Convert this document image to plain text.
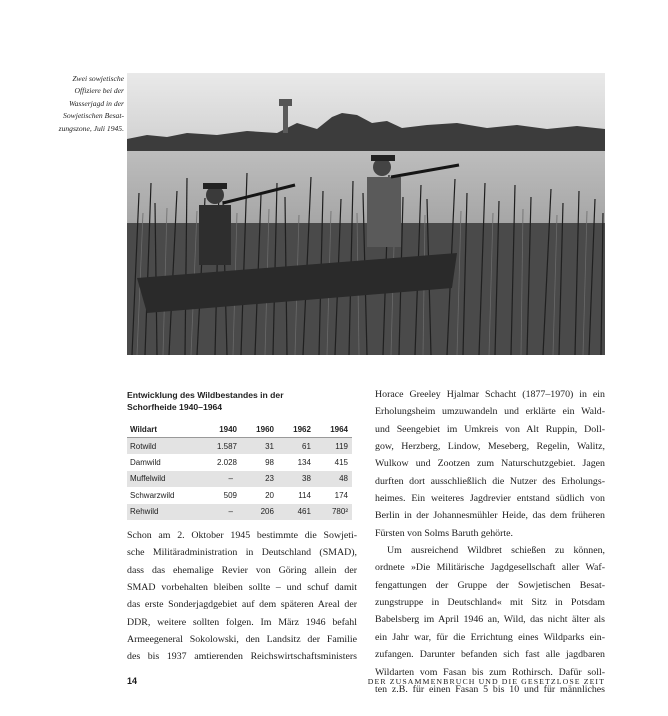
Zwei sowjetische
Offiziere bei der
Wasserjagd in der
Sowjetischen Besat-
zungszone, Juli 1945.
Entwicklung des Wildbestandes in der
Schorfheide 1940–1964
Wildart	1940	1960	1962	1964
Rotwild	1.587	31	61	119
Damwild	2.028	98	134	415
Muffelwild	–	23	38	48
Schwarzwild	509	20	114	174
Rehwild	–	206	461	780²
Schon am 2. Oktober 1945 bestimmte die Sowjeti-
sche Militäradministration in Deutschland (SMAD),
dass das ehemalige Revier von Göring allein der
SMAD vorbehalten bleiben sollte – und schuf damit
das erste Sonderjagdgebiet auf dem späteren Areal der
DDR, weitere sollten folgen. Im März 1946 befahl
Armeegeneral Sokolowski, den Landsitz der Familie
des bis 1937 amtierenden Reichswirtschaftsministers
Horace Greeley Hjalmar Schacht (1877–1970) in ein
Erholungsheim umzuwandeln und erklärte ein Wald-
und Seengebiet im Umkreis von Alt Ruppin, Doll-
gow, Herzberg, Lindow, Meseberg, Regelin, Walitz,
Wulkow und Zootzen zum Naturschutzgebiet. Jagen
durften dort ausschließlich die Nutzer des Erholungs-
heimes. Ein weiteres Jagdrevier entstand südlich von
Berlin in der Johannesmühler Heide, das dem früheren
Fürsten von Solms Baruth gehörte.
Um ausreichend Wildbret schießen zu können,
ordnete »Die Militärische Jagdgesellschaft aller Waf-
fengattungen der Gruppe der Sowjetischen Besat-
zungstruppe in Deutschland« mit Sitz in Potsdam
Babelsberg im April 1946 an, Wild, das nicht älter als
ein Jahr war, für die Errichtung eines Wildparks ein-
zufangen. Darunter befanden sich fast alle jagdbaren
Wildarten vom Fasan bis zum Rothirsch. Dafür soll-
ten z.B. für einen Fasan 5 bis 10 und für männliches
14	DER ZUSAMMENBRUCH UND DIE GESETZLOSE ZEIT
